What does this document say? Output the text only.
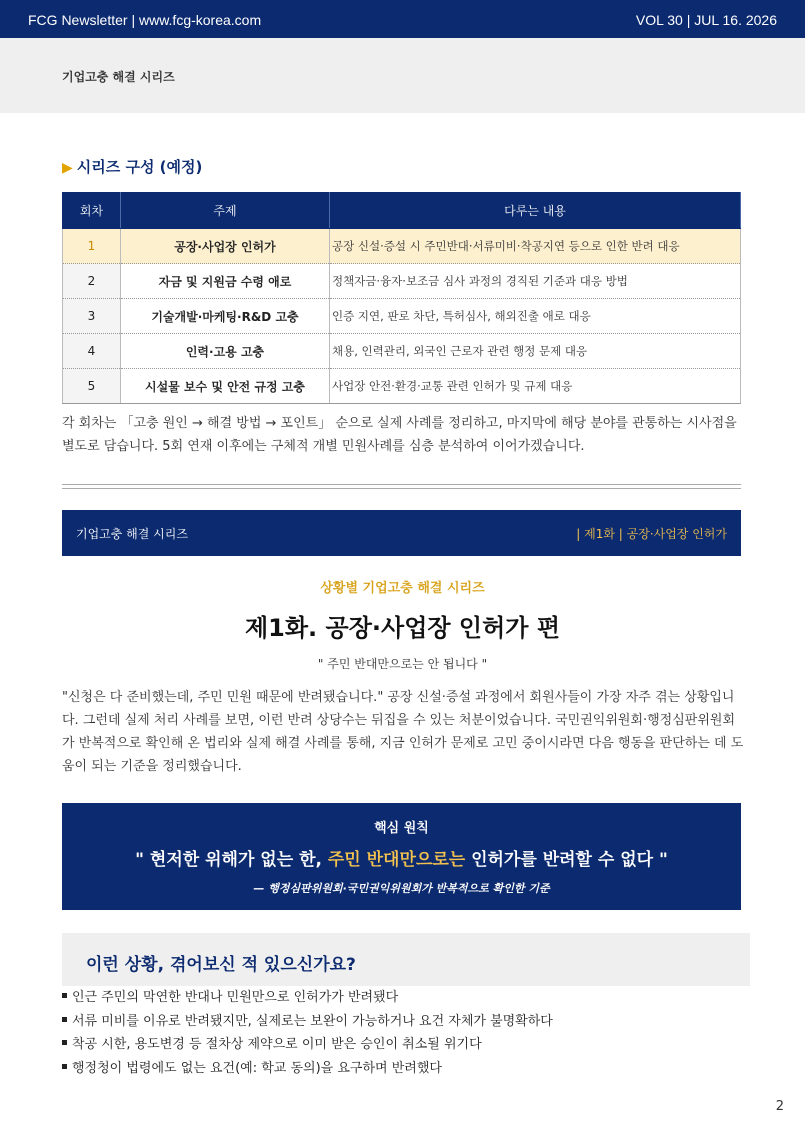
FCG Newsletter | www.fcg-korea.com	VOL 30 | JUL 16. 2026
기업고충 해결 시리즈
▶ 시리즈 구성 (예정)
회차	주제	다루는 내용
1	공장·사업장 인허가	공장 신설·증설 시 주민반대·서류미비·착공지연 등으로 인한 반려 대응
2	자금 및 지원금 수령 애로	정책자금·융자·보조금 심사 과정의 경직된 기준과 대응 방법
3	기술개발·마케팅·R&D 고충	인증 지연, 판로 차단, 특허심사, 해외진출 애로 대응
4	인력·고용 고충	채용, 인력관리, 외국인 근로자 관련 행정 문제 대응
5	시설물 보수 및 안전 규정 고충	사업장 안전·환경·교통 관련 인허가 및 규제 대응

각 회차는 「고충 원인 → 해결 방법 → 포인트」 순으로 실제 사례를 정리하고, 마지막에 해당 분야를 관통하는 시사점을 별도로 담습니다. 5회 연재 이후에는 구체적 개별 민원사례를 심층 분석하여 이어가겠습니다.

기업고충 해결 시리즈	| 제1화 | 공장·사업장 인허가
상황별 기업고충 해결 시리즈
제1화. 공장·사업장 인허가 편
" 주민 반대만으로는 안 됩니다 "

"신청은 다 준비했는데, 주민 민원 때문에 반려됐습니다." 공장 신설·증설 과정에서 회원사들이 가장 자주 겪는 상황입니다. 그런데 실제 처리 사례를 보면, 이런 반려 상당수는 뒤집을 수 있는 처분이었습니다. 국민권익위원회·행정심판위원회가 반복적으로 확인해 온 법리와 실제 해결 사례를 통해, 지금 인허가 문제로 고민 중이시라면 다음 행동을 판단하는 데 도움이 되는 기준을 정리했습니다.

핵심 원칙
" 현저한 위해가 없는 한, 주민 반대만으로는 인허가를 반려할 수 없다 "
— 행정심판위원회·국민권익위원회가 반복적으로 확인한 기준
이런 상황, 겪어보신 적 있으신가요?
인근 주민의 막연한 반대나 민원만으로 인허가가 반려됐다
서류 미비를 이유로 반려됐지만, 실제로는 보완이 가능하거나 요건 자체가 불명확하다
착공 시한, 용도변경 등 절차상 제약으로 이미 받은 승인이 취소될 위기다
행정청이 법령에도 없는 요건(예: 학교 동의)을 요구하며 반려했다
2
